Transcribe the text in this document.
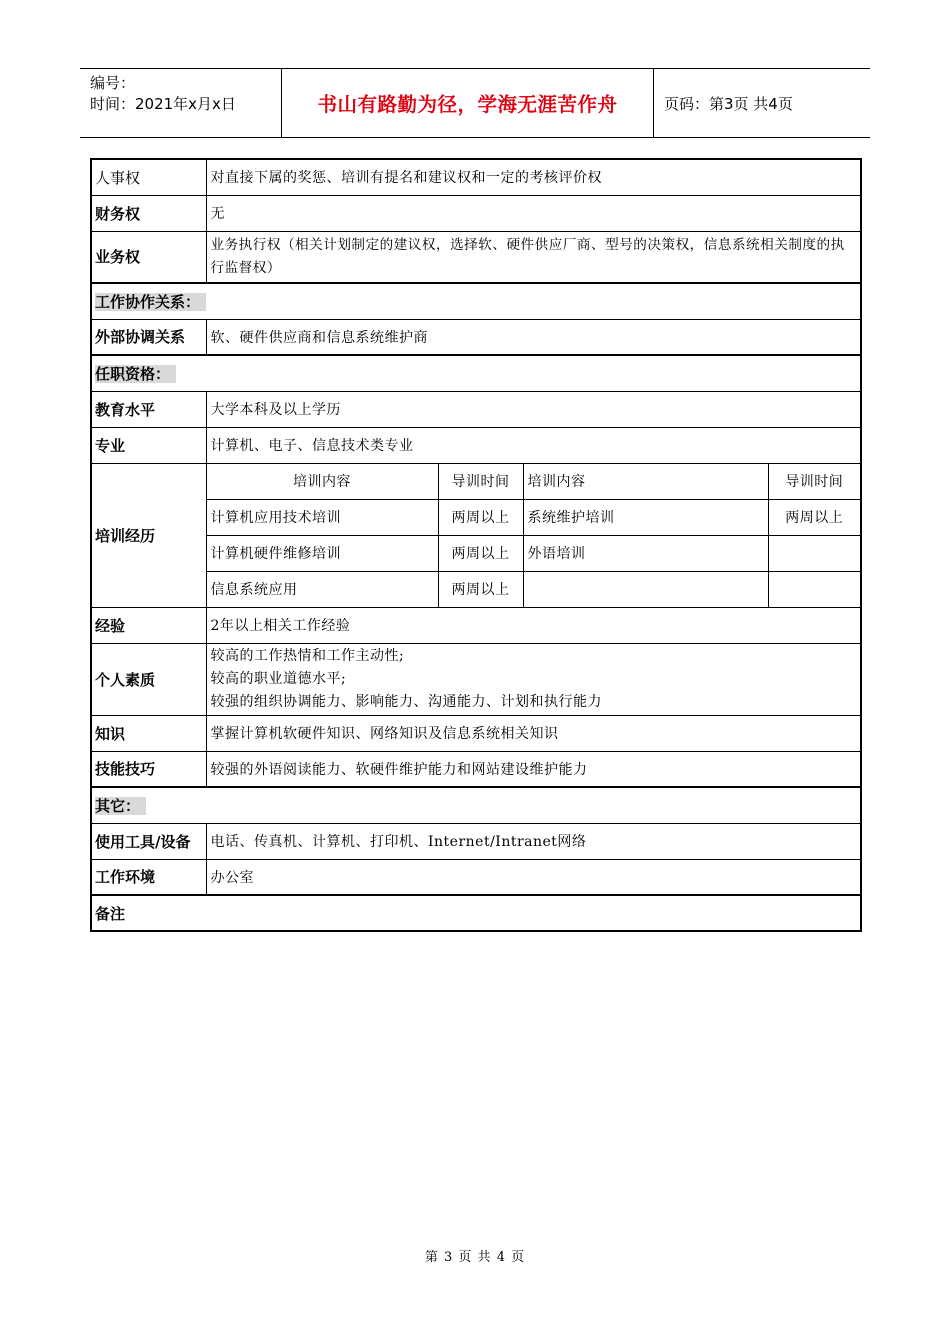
编号：
时间：2021年x月x日	书山有路勤为径，学海无涯苦作舟	页码：第3页 共4页
人事权	对直接下属的奖惩、培训有提名和建议权和一定的考核评价权			
财务权	无			
业务权	业务执行权（相关计划制定的建议权，选择软、硬件供应厂商、型号的决策权，信息系统相关制度的执行监督权）			
工作协作关系：				
外部协调关系	软、硬件供应商和信息系统维护商			
任职资格：				
教育水平	大学本科及以上学历			
专业	计算机、电子、信息技术类专业			
培训经历	培训内容	导训时间	培训内容	导训时间
	计算机应用技术培训	两周以上	系统维护培训	两周以上
	计算机硬件维修培训	两周以上	外语培训	
	信息系统应用	两周以上		
经验	2年以上相关工作经验			
个人素质	较高的工作热情和工作主动性;
较高的职业道德水平;
较强的组织协调能力、影响能力、沟通能力、计划和执行能力			

知识	掌握计算机软硬件知识、网络知识及信息系统相关知识			
技能技巧	较强的外语阅读能力、软硬件维护能力和网站建设维护能力			
其它：				
使用工具/设备	电话、传真机、计算机、打印机、Internet/Intranet网络			
工作环境	办公室			
备注				
第 3 页 共 4 页
